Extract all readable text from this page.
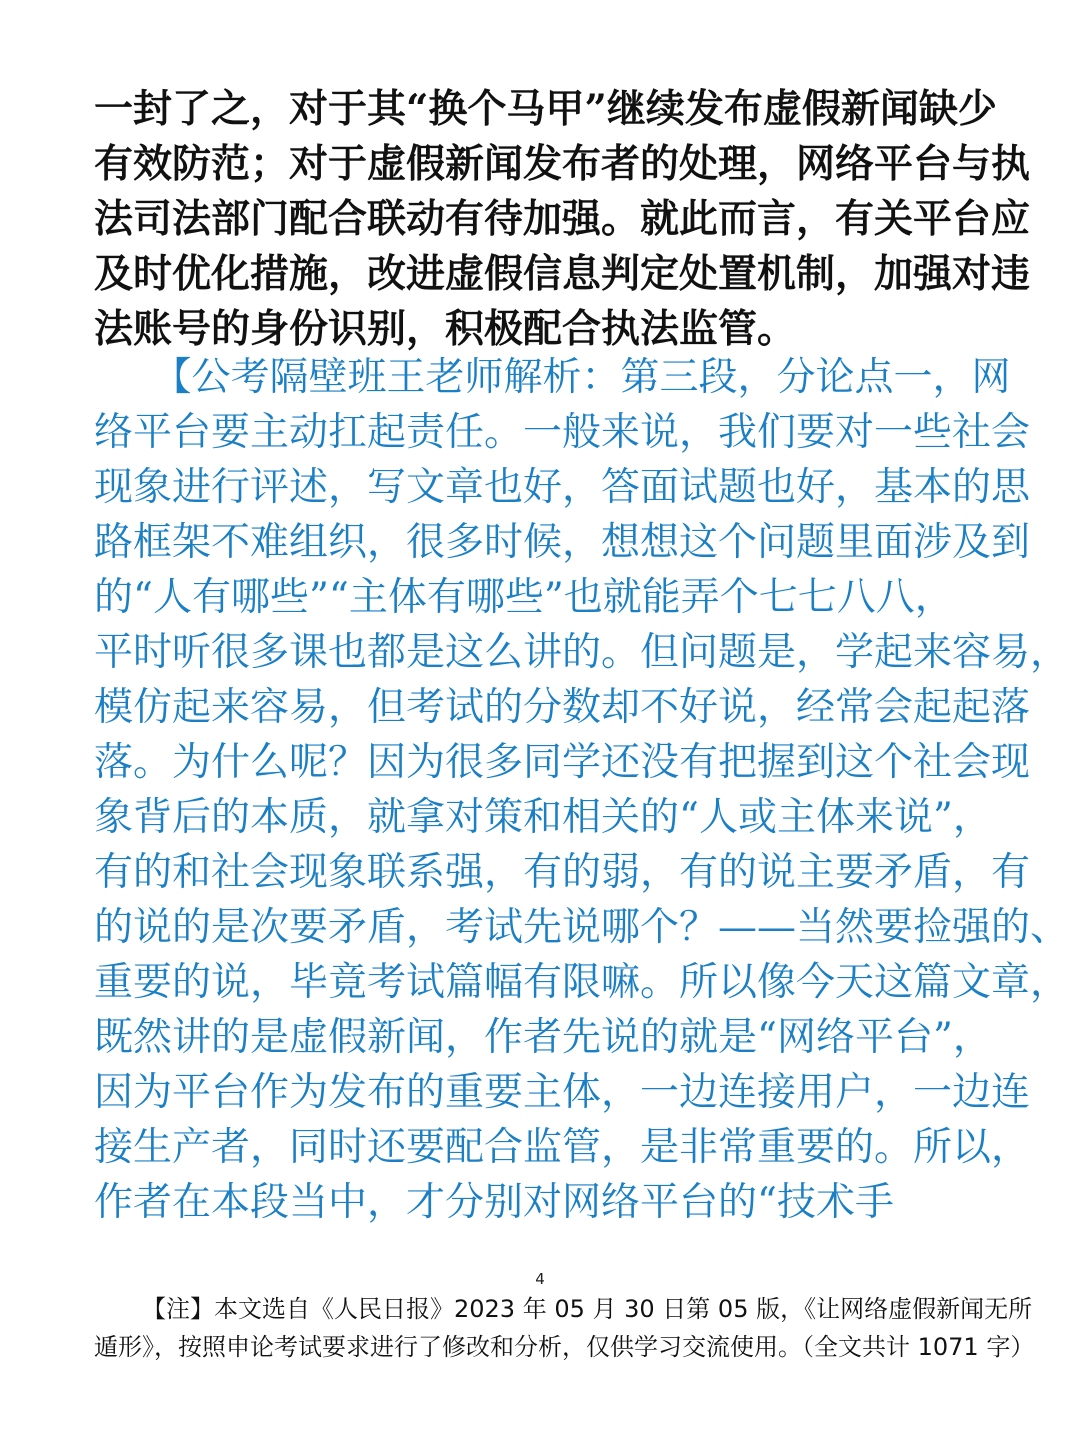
一封了之，对于其“换个马甲”继续发布虚假新闻缺少
有效防范；对于虚假新闻发布者的处理，网络平台与执
法司法部门配合联动有待加强。就此而言，有关平台应
及时优化措施，改进虚假信息判定处置机制，加强对违
法账号的身份识别，积极配合执法监管。
　　【公考隔壁班王老师解析：第三段，分论点一，网
络平台要主动扛起责任。一般来说，我们要对一些社会
现象进行评述，写文章也好，答面试题也好，基本的思
路框架不难组织，很多时候，想想这个问题里面涉及到
的“人有哪些”“主体有哪些”也就能弄个七七八八，
平时听很多课也都是这么讲的。但问题是，学起来容易，
模仿起来容易，但考试的分数却不好说，经常会起起落
落。为什么呢？因为很多同学还没有把握到这个社会现
象背后的本质，就拿对策和相关的“人或主体来说”，
有的和社会现象联系强，有的弱，有的说主要矛盾，有
的说的是次要矛盾，考试先说哪个？——当然要捡强的、
重要的说，毕竟考试篇幅有限嘛。所以像今天这篇文章，
既然讲的是虚假新闻，作者先说的就是“网络平台”，
因为平台作为发布的重要主体，一边连接用户，一边连
接生产者，同时还要配合监管，是非常重要的。所以，
作者在本段当中，才分别对网络平台的“技术手
4
【注】本文选自《人民日报》2023 年 05 月 30 日第 05 版，《让网络虚假新闻无所
遁形》，按照申论考试要求进行了修改和分析，仅供学习交流使用。（全文共计 1071 字）
